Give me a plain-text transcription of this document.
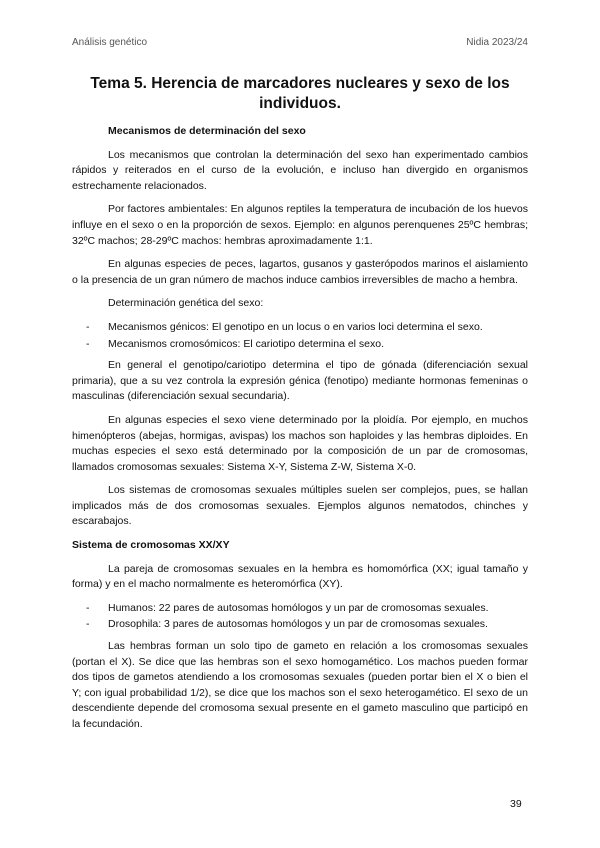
Análisis genético	Nidia 2023/24
Tema 5. Herencia de marcadores nucleares y sexo de los individuos.
Mecanismos de determinación del sexo

Los mecanismos que controlan la determinación del sexo han experimentado cambios rápidos y reiterados en el curso de la evolución, e incluso han divergido en organismos estrechamente relacionados.

Por factores ambientales: En algunos reptiles la temperatura de incubación de los huevos influye en el sexo o en la proporción de sexos. Ejemplo: en algunos perenquenes 25ºC hembras; 32ºC machos; 28-29ºC machos: hembras aproximadamente 1:1.

En algunas especies de peces, lagartos, gusanos y gasterópodos marinos el aislamiento o la presencia de un gran número de machos induce cambios irreversibles de macho a hembra.

Determinación genética del sexo:

- Mecanismos génicos: El genotipo en un locus o en varios loci determina el sexo.
- Mecanismos cromosómicos: El cariotipo determina el sexo.

En general el genotipo/cariotipo determina el tipo de gónada (diferenciación sexual primaria), que a su vez controla la expresión génica (fenotipo) mediante hormonas femeninas o masculinas (diferenciación sexual secundaria).

En algunas especies el sexo viene determinado por la ploidía. Por ejemplo, en muchos himenópteros (abejas, hormigas, avispas) los machos son haploides y las hembras diploides. En muchas especies el sexo está determinado por la composición de un par de cromosomas, llamados cromosomas sexuales: Sistema X-Y, Sistema Z-W, Sistema X-0.

Los sistemas de cromosomas sexuales múltiples suelen ser complejos, pues, se hallan implicados más de dos cromosomas sexuales. Ejemplos algunos nematodos, chinches y escarabajos.

Sistema de cromosomas XX/XY

La pareja de cromosomas sexuales en la hembra es homomórfica (XX; igual tamaño y forma) y en el macho normalmente es heteromórfica (XY).

- Humanos: 22 pares de autosomas homólogos y un par de cromosomas sexuales.
- Drosophila: 3 pares de autosomas homólogos y un par de cromosomas sexuales.

Las hembras forman un solo tipo de gameto en relación a los cromosomas sexuales (portan el X). Se dice que las hembras son el sexo homogamético. Los machos pueden formar dos tipos de gametos atendiendo a los cromosomas sexuales (pueden portar bien el X o bien el Y; con igual probabilidad 1/2), se dice que los machos son el sexo heterogamético. El sexo de un descendiente depende del cromosoma sexual presente en el gameto masculino que participó en la fecundación.

39
